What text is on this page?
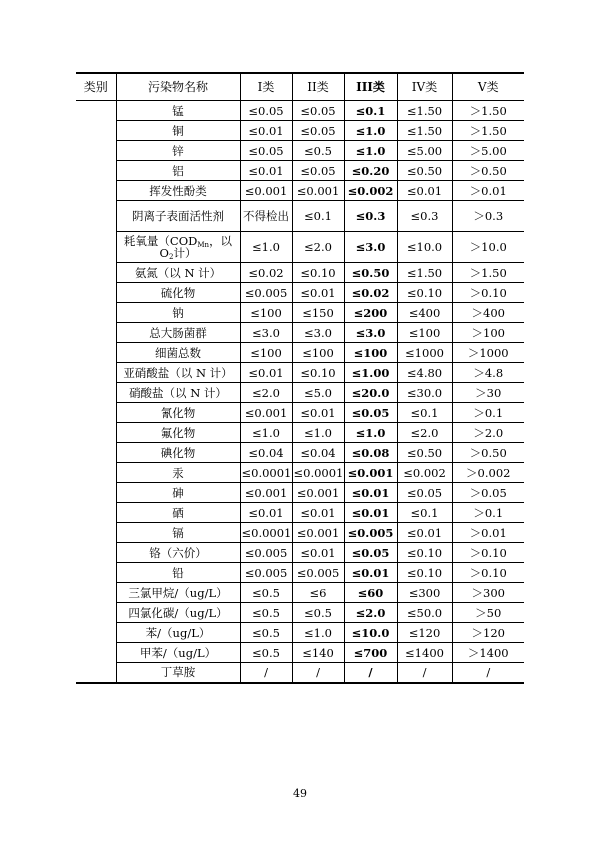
类别	污染物名称	I类	II类	III类	IV类	V类
	锰	≤0.05	≤0.05	≤0.1	≤1.50	＞1.50
	铜	≤0.01	≤0.05	≤1.0	≤1.50	＞1.50
	锌	≤0.05	≤0.5	≤1.0	≤5.00	＞5.00
	铝	≤0.01	≤0.05	≤0.20	≤0.50	＞0.50
	挥发性酚类	≤0.001	≤0.001	≤0.002	≤0.01	＞0.01
	阴离子表面活性剂	不得检出	≤0.1	≤0.3	≤0.3	＞0.3
	耗氧量（$COD_{Mn}$，以$O_2$计）	≤1.0	≤2.0	≤3.0	≤10.0	＞10.0
	氨氮（以 N 计）	≤0.02	≤0.10	≤0.50	≤1.50	＞1.50
	硫化物	≤0.005	≤0.01	≤0.02	≤0.10	＞0.10
	钠	≤100	≤150	≤200	≤400	＞400
	总大肠菌群	≤3.0	≤3.0	≤3.0	≤100	＞100
	细菌总数	≤100	≤100	≤100	≤1000	＞1000
	亚硝酸盐（以 N 计）	≤0.01	≤0.10	≤1.00	≤4.80	＞4.8
	硝酸盐（以 N 计）	≤2.0	≤5.0	≤20.0	≤30.0	＞30
	氰化物	≤0.001	≤0.01	≤0.05	≤0.1	＞0.1
	氟化物	≤1.0	≤1.0	≤1.0	≤2.0	＞2.0
	碘化物	≤0.04	≤0.04	≤0.08	≤0.50	＞0.50
	汞	≤0.0001	≤0.0001	≤0.001	≤0.002	＞0.002
	砷	≤0.001	≤0.001	≤0.01	≤0.05	＞0.05
	硒	≤0.01	≤0.01	≤0.01	≤0.1	＞0.1
	镉	≤0.0001	≤0.001	≤0.005	≤0.01	＞0.01
	铬（六价）	≤0.005	≤0.01	≤0.05	≤0.10	＞0.10
	铅	≤0.005	≤0.005	≤0.01	≤0.10	＞0.10
	三氯甲烷/（ug/L）	≤0.5	≤6	≤60	≤300	＞300
	四氯化碳/（ug/L）	≤0.5	≤0.5	≤2.0	≤50.0	＞50
	苯/（ug/L）	≤0.5	≤1.0	≤10.0	≤120	＞120
	甲苯/（ug/L）	≤0.5	≤140	≤700	≤1400	＞1400
	丁草胺	/	/	/	/	/
49
